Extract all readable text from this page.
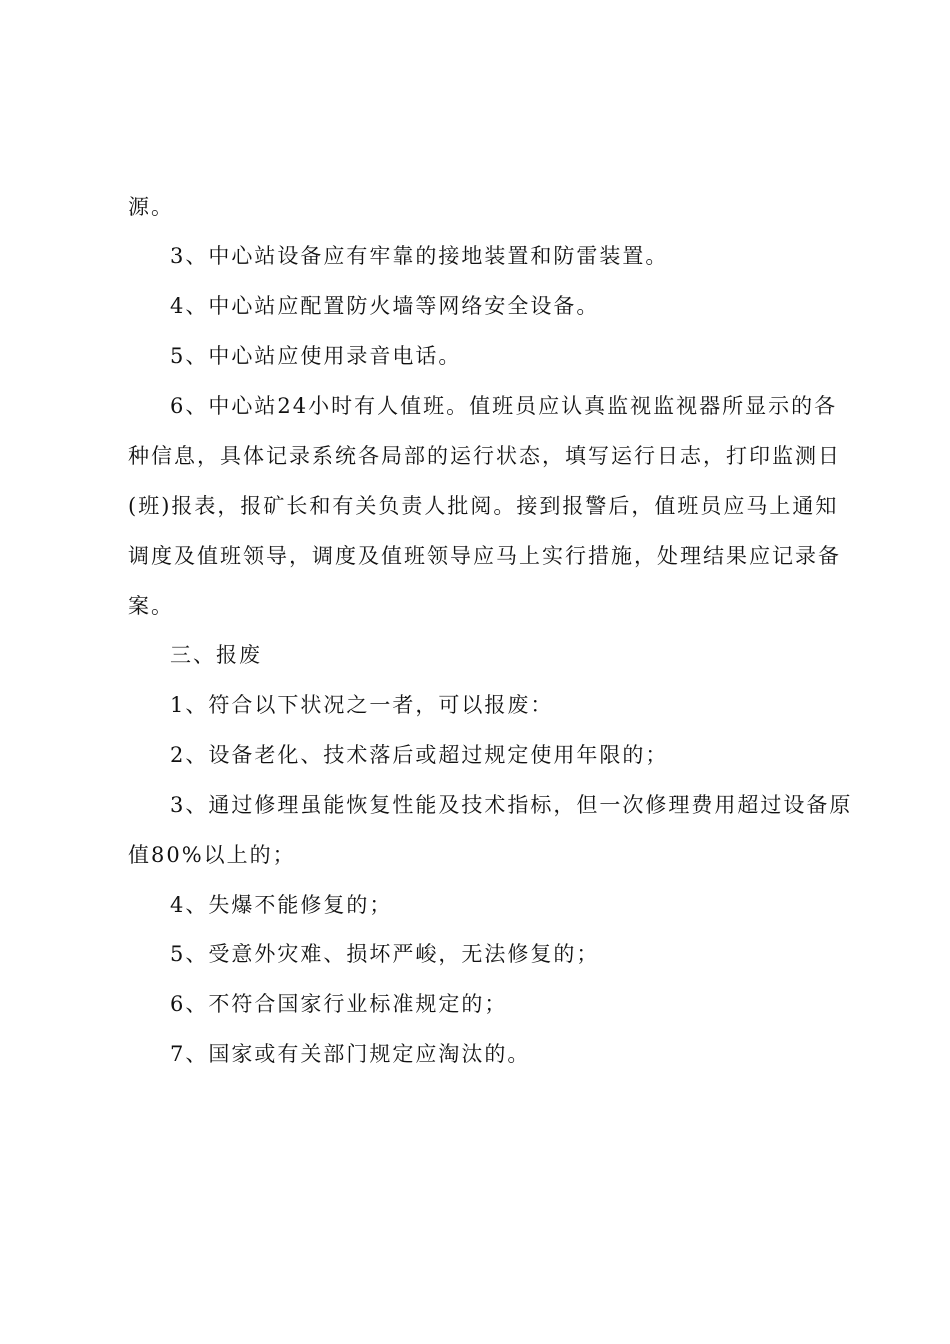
源。
3、中心站设备应有牢靠的接地装置和防雷装置。
4、中心站应配置防火墙等网络安全设备。
5、中心站应使用录音电话。
6、中心站24小时有人值班。值班员应认真监视监视器所显示的各
种信息，具体记录系统各局部的运行状态，填写运行日志，打印监测日
(班)报表，报矿长和有关负责人批阅。接到报警后，值班员应马上通知
调度及值班领导，调度及值班领导应马上实行措施，处理结果应记录备
案。
三、报废
1、符合以下状况之一者，可以报废：
2、设备老化、技术落后或超过规定使用年限的；
3、通过修理虽能恢复性能及技术指标，但一次修理费用超过设备原
值80%以上的；
4、失爆不能修复的；
5、受意外灾难、损坏严峻，无法修复的；
6、不符合国家行业标准规定的；
7、国家或有关部门规定应淘汰的。
